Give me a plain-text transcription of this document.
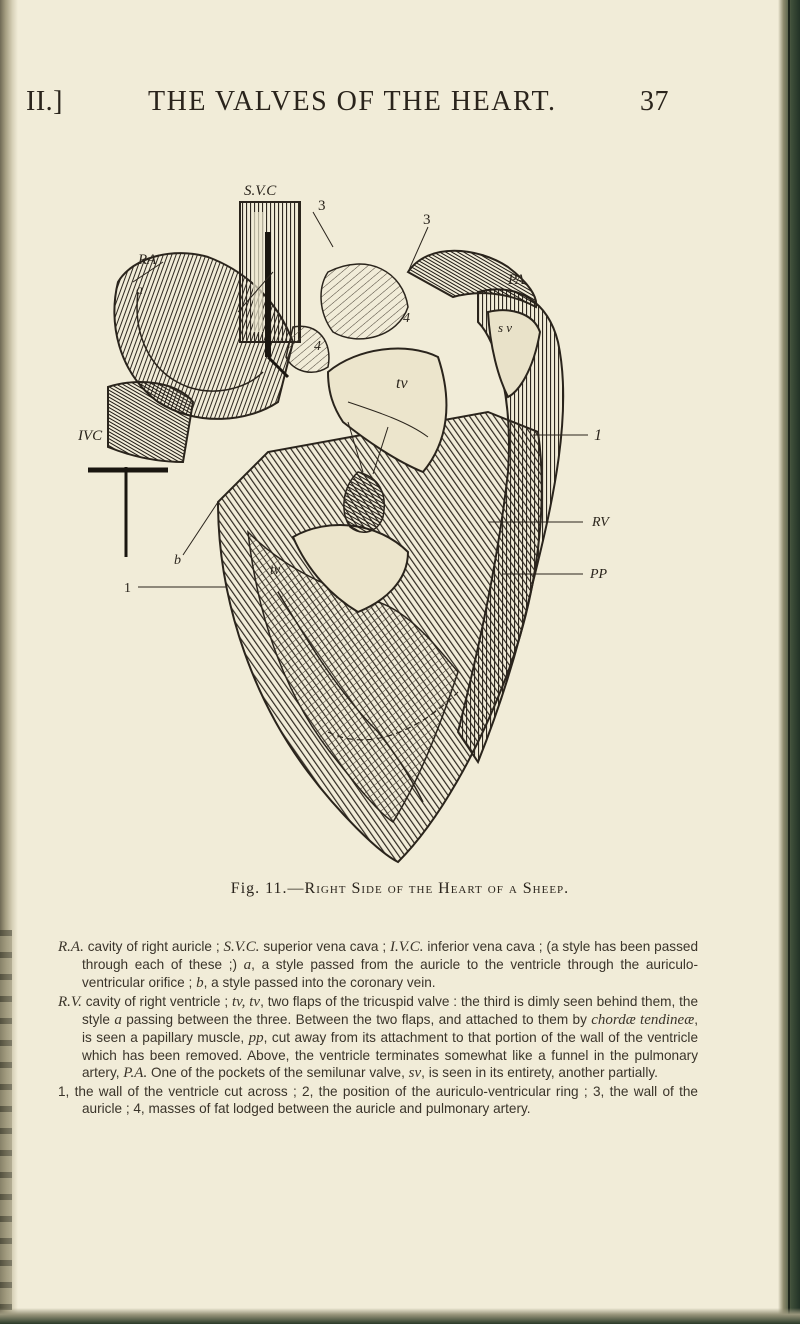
II.]	THE VALVES OF THE HEART.	37
S.V.C
RA
a
IVC
b
PA
s v
tv
tv
RV
PP
1
1
3
3
4
4
Fig. 11.—Right Side of the Heart of a Sheep.

R.A. cavity of right auricle ; S.V.C. superior vena cava ; I.V.C. inferior vena cava ; (a style has been passed through each of these ;) a, a style passed from the auricle to the ventricle through the auriculo-ventricular orifice ; b, a style passed into the coronary vein.

R.V. cavity of right ventricle ; tv, tv, two flaps of the tricuspid valve : the third is dimly seen behind them, the style a passing between the three. Between the two flaps, and attached to them by chordæ tendineæ, is seen a papillary muscle, pp, cut away from its attachment to that portion of the wall of the ventricle which has been removed. Above, the ventricle terminates somewhat like a funnel in the pulmonary artery, P.A. One of the pockets of the semilunar valve, sv, is seen in its entirety, another partially.

1, the wall of the ventricle cut across ; 2, the position of the auriculo-ventricular ring ; 3, the wall of the auricle ; 4, masses of fat lodged between the auricle and pulmonary artery.
